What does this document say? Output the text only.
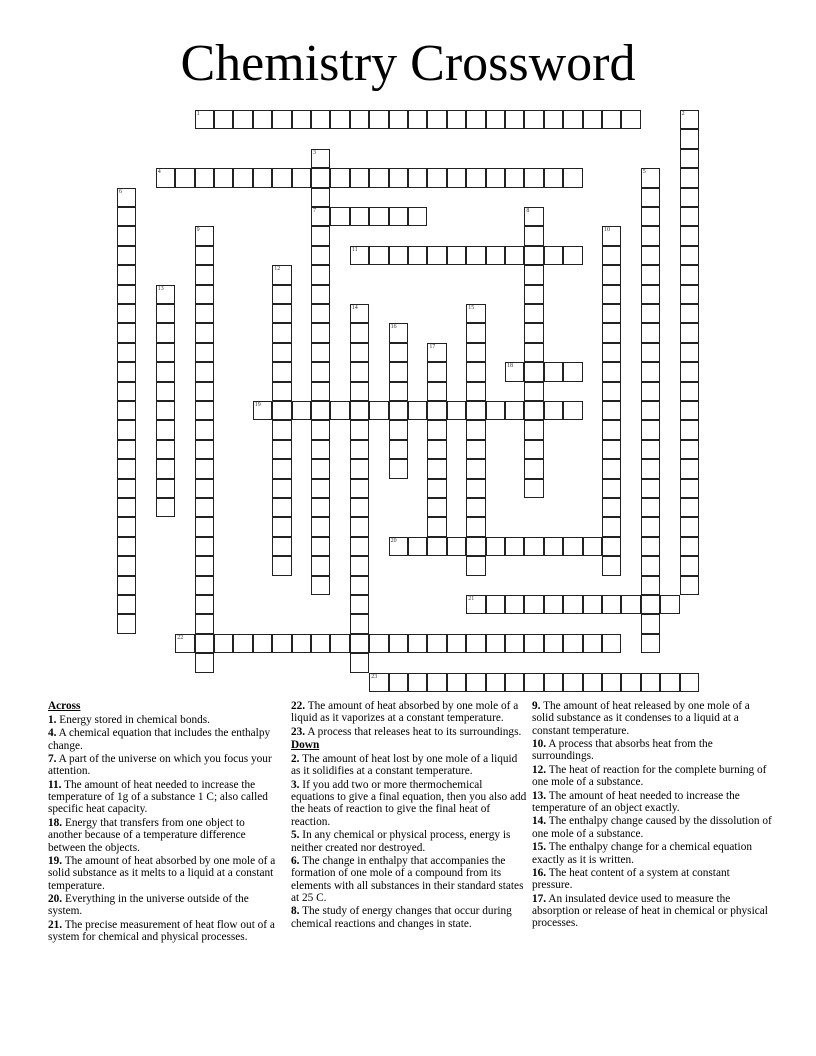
Chemistry Crossword
1	2
3
7
4	5
6
8
9	10
11
12
13
14	15
16
17
18
19
20
21
22
23
Across
1. Energy stored in chemical bonds.
4. A chemical equation that includes the enthalpy change.
7. A part of the universe on which you focus your attention.
11. The amount of heat needed to increase the temperature of 1g of a substance 1 C; also called specific heat capacity.
18. Energy that transfers from one object to another because of a temperature difference between the objects.
19. The amount of heat absorbed by one mole of a solid substance as it melts to a liquid at a constant temperature.
20. Everything in the universe outside of the system.
21. The precise measurement of heat flow out of a system for chemical and physical processes.
22. The amount of heat absorbed by one mole of a liquid as it vaporizes at a constant temperature.
23. A process that releases heat to its surroundings.
Down
2. The amount of heat lost by one mole of a liquid as it solidifies at a constant temperature.
3. If you add two or more thermochemical equations to give a final equation, then you also add the heats of reaction to give the final heat of reaction.
5. In any chemical or physical process, energy is neither created nor destroyed.
6. The change in enthalpy that accompanies the formation of one mole of a compound from its elements with all substances in their standard states at 25 C.
8. The study of energy changes that occur during chemical reactions and changes in state.
9. The amount of heat released by one mole of a solid substance as it condenses to a liquid at a constant temperature.
10. A process that absorbs heat from the surroundings.
12. The heat of reaction for the complete burning of one mole of a substance.
13. The amount of heat needed to increase the temperature of an object exactly.
14. The enthalpy change caused by the dissolution of one mole of a substance.
15. The enthalpy change for a chemical equation exactly as it is written.
16. The heat content of a system at constant pressure.
17. An insulated device used to measure the absorption or release of heat in chemical or physical processes.
